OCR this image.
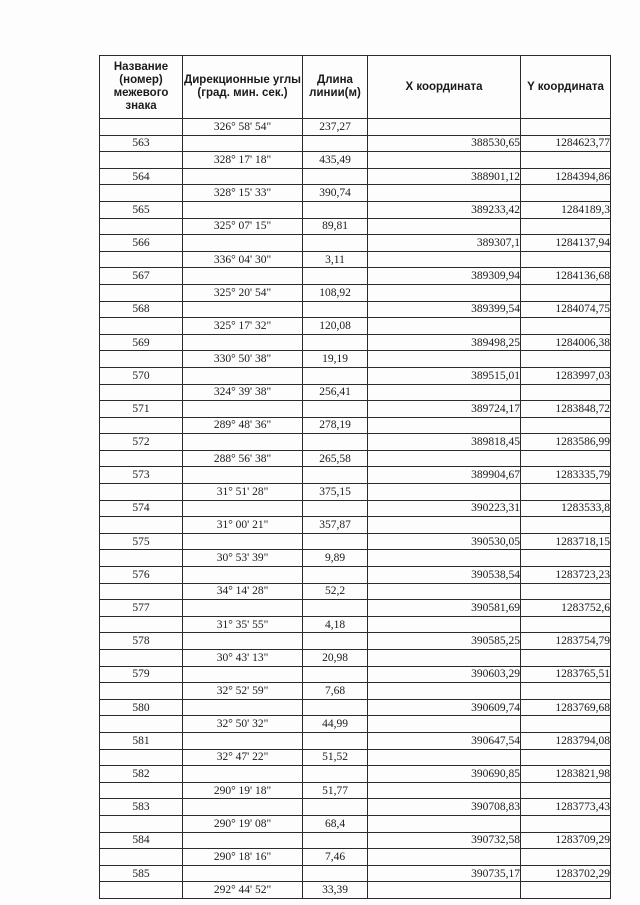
Название (номер) межевого знака	Дирекционные углы (град. мин. сек.)	Длина линии(м)	X координата	Y координата
	326° 58' 54"	237,27		
563			388530,65	1284623,77
	328° 17' 18"	435,49		
564			388901,12	1284394,86
	328° 15' 33"	390,74		
565			389233,42	1284189,3
	325° 07' 15"	89,81		
566			389307,1	1284137,94
	336° 04' 30"	3,11		
567			389309,94	1284136,68
	325° 20' 54"	108,92		
568			389399,54	1284074,75
	325° 17' 32"	120,08		
569			389498,25	1284006,38
	330° 50' 38"	19,19		
570			389515,01	1283997,03
	324° 39' 38"	256,41		
571			389724,17	1283848,72
	289° 48' 36"	278,19		
572			389818,45	1283586,99
	288° 56' 38"	265,58		
573			389904,67	1283335,79
	31° 51' 28"	375,15		
574			390223,31	1283533,8
	31° 00' 21"	357,87		
575			390530,05	1283718,15
	30° 53' 39"	9,89		
576			390538,54	1283723,23
	34° 14' 28"	52,2		
577			390581,69	1283752,6
	31° 35' 55"	4,18		
578			390585,25	1283754,79
	30° 43' 13"	20,98		
579			390603,29	1283765,51
	32° 52' 59"	7,68		
580			390609,74	1283769,68
	32° 50' 32"	44,99		
581			390647,54	1283794,08
	32° 47' 22"	51,52		
582			390690,85	1283821,98
	290° 19' 18"	51,77		
583			390708,83	1283773,43
	290° 19' 08"	68,4		
584			390732,58	1283709,29
	290° 18' 16"	7,46		
585			390735,17	1283702,29
	292° 44' 52"	33,39		
